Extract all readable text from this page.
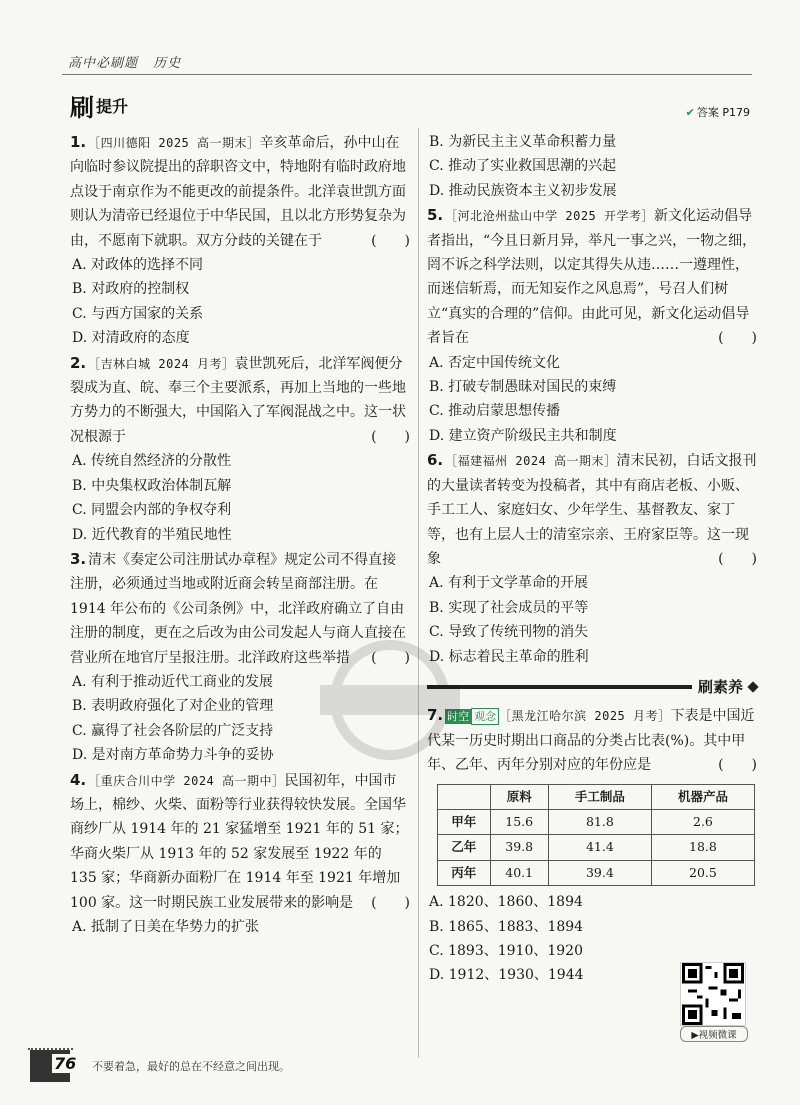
高中必刷题 历史
刷 提升	✔ 答案 P179
1. ［四川德阳 2025 高一期末］辛亥革命后，孙中山在向临时参议院提出的辞职咨文中，特地附有临时政府地点设于南京作为不能更改的前提条件。北洋袁世凯方面则认为清帝已经退位于中华民国，且以北方形势复杂为由，不愿南下就职。双方分歧的关键在于	(　　)
A. 对政体的选择不同
B. 对政府的控制权
C. 与西方国家的关系
D. 对清政府的态度
2. ［吉林白城 2024 月考］袁世凯死后，北洋军阀便分裂成为直、皖、奉三个主要派系，再加上当地的一些地方势力的不断强大，中国陷入了军阀混战之中。这一状况根源于	(　　)
A. 传统自然经济的分散性
B. 中央集权政治体制瓦解
C. 同盟会内部的争权夺利
D. 近代教育的半殖民地性
3. 清末《奏定公司注册试办章程》规定公司不得直接注册，必须通过当地或附近商会转呈商部注册。在 1914 年公布的《公司条例》中，北洋政府确立了自由注册的制度，更在之后改为由公司发起人与商人直接在营业所在地官厅呈报注册。北洋政府这些举措 (　　)
A. 有利于推动近代工商业的发展
B. 表明政府强化了对企业的管理
C. 赢得了社会各阶层的广泛支持
D. 是对南方革命势力斗争的妥协
4. ［重庆合川中学 2024 高一期中］民国初年，中国市场上，棉纱、火柴、面粉等行业获得较快发展。全国华商纱厂从 1914 年的 21 家猛增至 1921 年的 51 家；华商火柴厂从 1913 年的 52 家发展至 1922 年的 135 家；华商新办面粉厂在 1914 年至 1921 年增加 100 家。这一时期民族工业发展带来的影响是 (　　)
A. 抵制了日美在华势力的扩张
B. 为新民主主义革命积蓄力量
C. 推动了实业救国思潮的兴起
D. 推动民族资本主义初步发展
5. ［河北沧州盐山中学 2025 开学考］新文化运动倡导者指出，“今且日新月异，举凡一事之兴，一物之细，罔不诉之科学法则，以定其得失从违……一遵理性，而迷信斩焉，而无知妄作之风息焉”，号召人们树立“真实的合理的”信仰。由此可见，新文化运动倡导者旨在	(　　)
A. 否定中国传统文化
B. 打破专制愚昧对国民的束缚
C. 推动启蒙思想传播
D. 建立资产阶级民主共和制度
6. ［福建福州 2024 高一期末］清末民初，白话文报刊的大量读者转变为投稿者，其中有商店老板、小贩、手工工人、家庭妇女、少年学生、基督教友、家丁等，也有上层人士的清室宗亲、王府家臣等。这一现象	(　　)
A. 有利于文学革命的开展
B. 实现了社会成员的平等
C. 导致了传统刊物的消失
D. 标志着民主革命的胜利
刷素养
7. 时空 观念 ［黑龙江哈尔滨 2025 月考］下表是中国近代某一历史时期出口商品的分类占比表(%)。其中甲年、乙年、丙年分别对应的年份应是	(　　)
	原料	手工制品	机器产品
甲年	15.6	81.8	2.6
乙年	39.8	41.4	18.8
丙年	40.1	39.4	20.5
A. 1820、1860、1894
B. 1865、1883、1894
C. 1893、1910、1920
D. 1912、1930、1944
▶视频微课
76 不要着急，最好的总在不经意之间出现。
